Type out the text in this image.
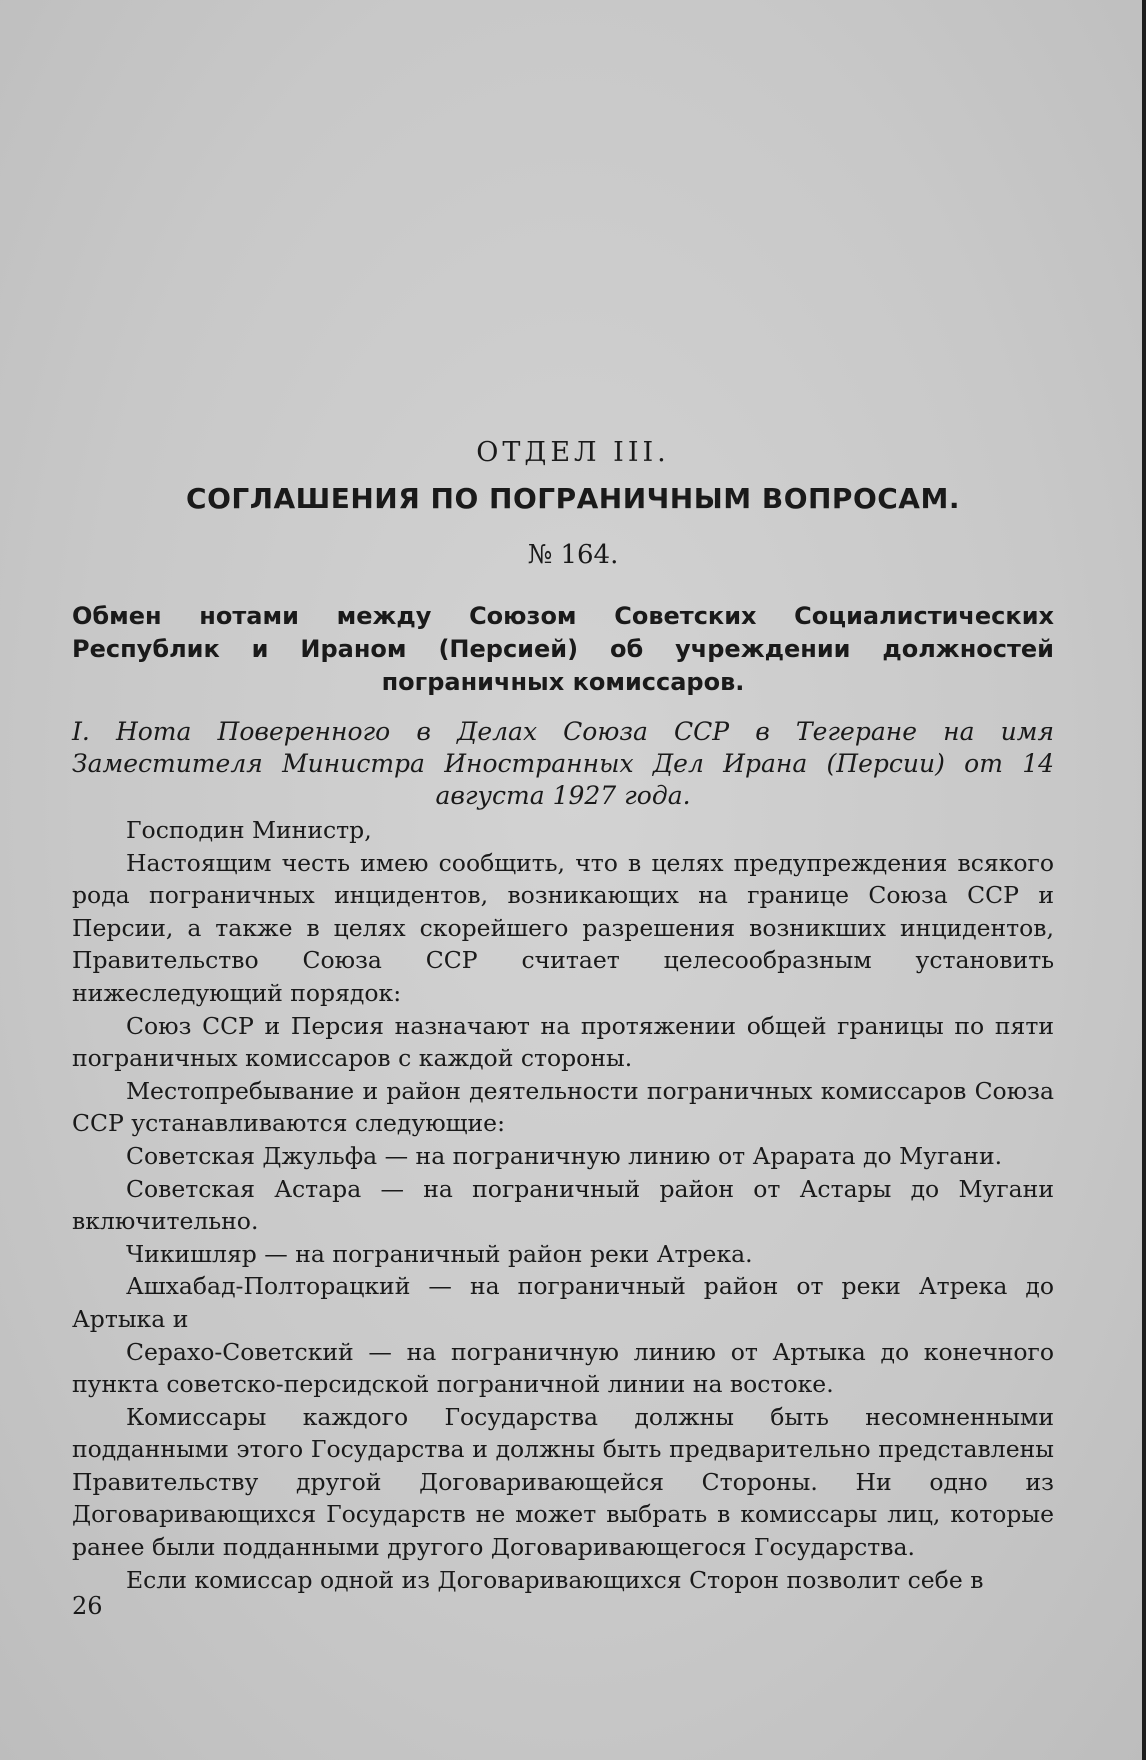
ОТДЕЛ III.
СОГЛАШЕНИЯ ПО ПОГРАНИЧНЫМ ВОПРОСАМ.
№ 164.
Обмен нотами между Союзом Советских Социалистических Республик и Ираном (Персией) об учреждении должностей пограничных комиссаров.
I. Нота Поверенного в Делах Союза ССР в Тегеране на имя Заместителя Министра Иностранных Дел Ирана (Персии) от 14 августа 1927 года.

Господин Министр,

Настоящим честь имею сообщить, что в целях предупреждения всякого рода пограничных инцидентов, возникающих на границе Союза ССР и Персии, а также в целях скорейшего разрешения возникших инцидентов, Правительство Союза ССР считает целесообразным установить нижеследующий порядок:

Союз ССР и Персия назначают на протяжении общей границы по пяти пограничных комиссаров с каждой стороны.

Местопребывание и район деятельности пограничных комиссаров Союза ССР устанавливаются следующие:

Советская Джульфа — на пограничную линию от Арарата до Мугани.

Советская Астара — на пограничный район от Астары до Мугани включительно.

Чикишляр — на пограничный район реки Атрека.

Ашхабад-Полторацкий — на пограничный район от реки Атрека до Артыка и

Серахо-Советский — на пограничную линию от Артыка до конечного пункта советско-персидской пограничной линии на востоке.

Комиссары каждого Государства должны быть несомненными подданными этого Государства и должны быть предварительно представлены Правительству другой Договаривающейся Стороны. Ни одно из Договаривающихся Государств не может выбрать в комиссары лиц, которые ранее были подданными другого Договаривающегося Государства.

Если комиссар одной из Договаривающихся Сторон позволит себе в

26
